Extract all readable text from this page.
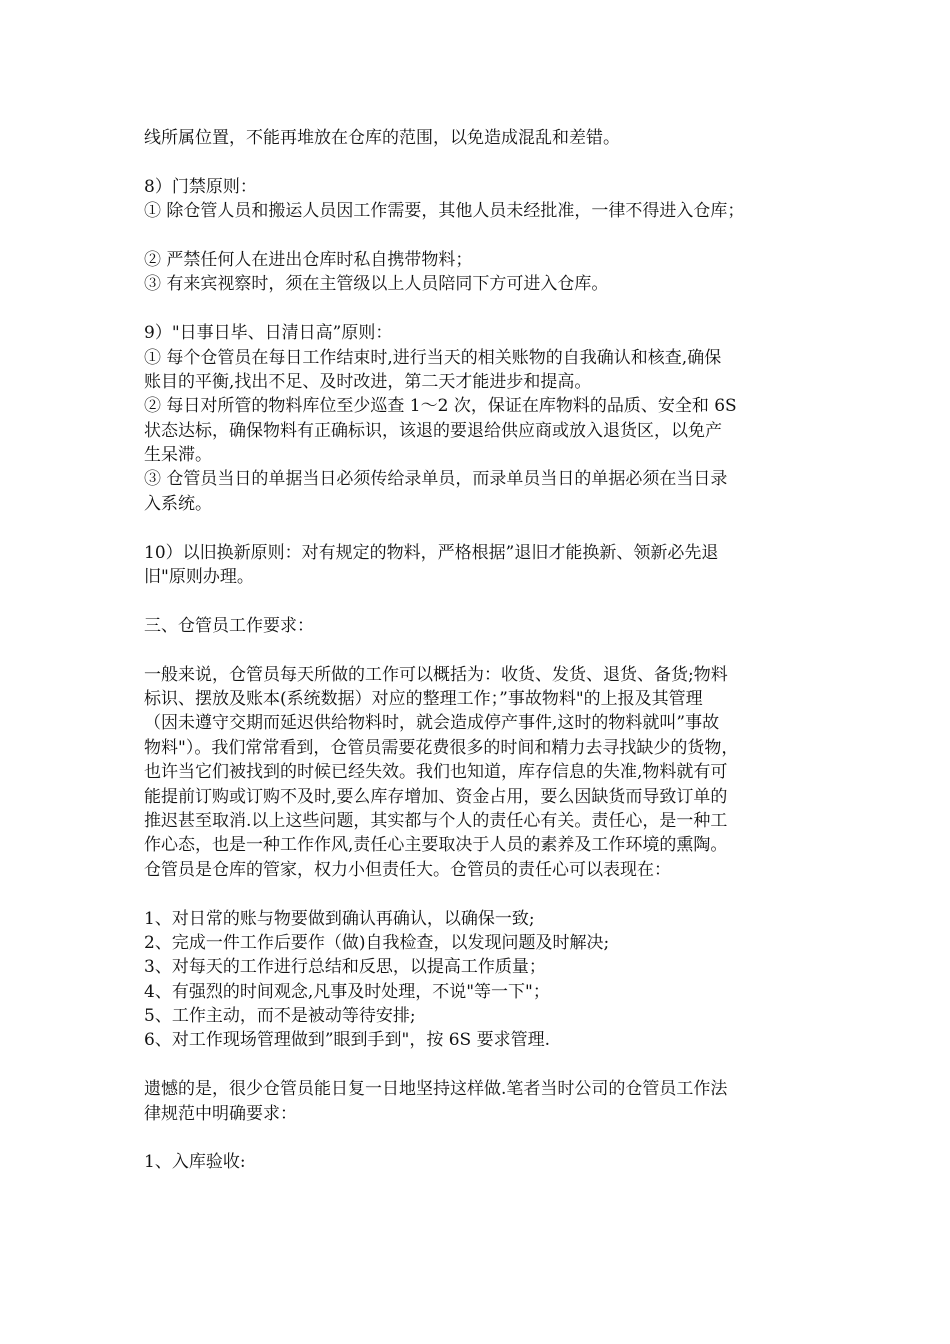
线所属位置，不能再堆放在仓库的范围，以免造成混乱和差错。
8）门禁原则：
① 除仓管人员和搬运人员因工作需要，其他人员未经批准，一律不得进入仓库；
② 严禁任何人在进出仓库时私自携带物料；
③ 有来宾视察时，须在主管级以上人员陪同下方可进入仓库。
9）"日事日毕、日清日高”原则：
① 每个仓管员在每日工作结束时,进行当天的相关账物的自我确认和核查,确保
账目的平衡,找出不足、及时改进，第二天才能进步和提高。
② 每日对所管的物料库位至少巡查 1～2 次，保证在库物料的品质、安全和 6S
状态达标，确保物料有正确标识，该退的要退给供应商或放入退货区，以免产
生呆滞。
③ 仓管员当日的单据当日必须传给录单员，而录单员当日的单据必须在当日录
入系统。
10）以旧换新原则：对有规定的物料，严格根据”退旧才能换新、领新必先退
旧"原则办理。
三、仓管员工作要求：
一般来说，仓管员每天所做的工作可以概括为：收货、发货、退货、备货;物料
标识、摆放及账本(系统数据）对应的整理工作；”事故物料"的上报及其管理
（因未遵守交期而延迟供给物料时，就会造成停产事件,这时的物料就叫”事故
物料"）。我们常常看到，仓管员需要花费很多的时间和精力去寻找缺少的货物，
也许当它们被找到的时候已经失效。我们也知道，库存信息的失准,物料就有可
能提前订购或订购不及时,要么库存增加、资金占用，要么因缺货而导致订单的
推迟甚至取消.以上这些问题，其实都与个人的责任心有关。责任心，是一种工
作心态，也是一种工作作风,责任心主要取决于人员的素养及工作环境的熏陶。
仓管员是仓库的管家，权力小但责任大。仓管员的责任心可以表现在：
1、对日常的账与物要做到确认再确认，以确保一致;
2、完成一件工作后要作（做)自我检查，以发现问题及时解决;
3、对每天的工作进行总结和反思，以提高工作质量；
4、有强烈的时间观念,凡事及时处理，不说"等一下"；
5、工作主动，而不是被动等待安排;
6、对工作现场管理做到”眼到手到"，按 6S 要求管理.
遗憾的是，很少仓管员能日复一日地坚持这样做.笔者当时公司的仓管员工作法
律规范中明确要求：
1、入库验收:
